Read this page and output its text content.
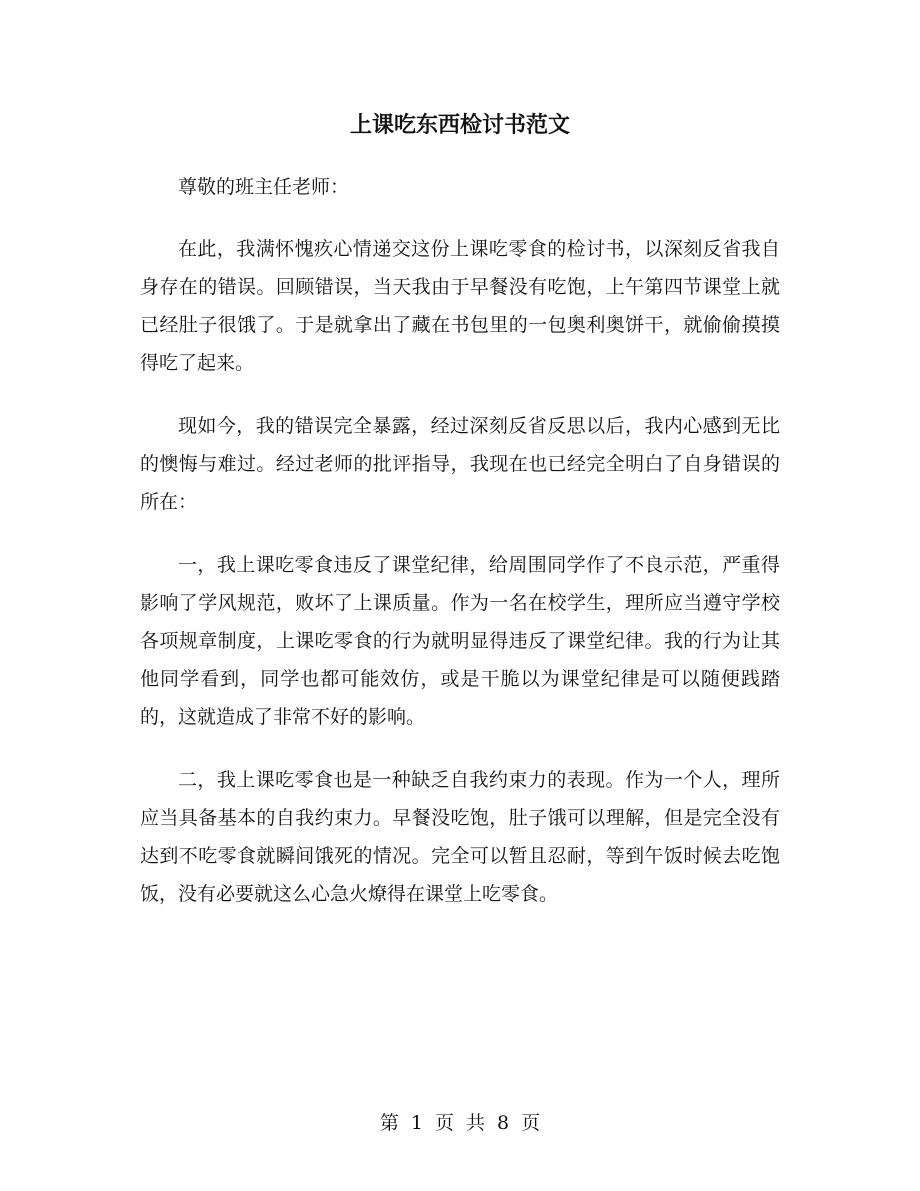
上课吃东西检讨书范文

尊敬的班主任老师：

在此，我满怀愧疚心情递交这份上课吃零食的检讨书，以深刻反省我自身存在的错误。回顾错误，当天我由于早餐没有吃饱，上午第四节课堂上就已经肚子很饿了。于是就拿出了藏在书包里的一包奥利奥饼干，就偷偷摸摸得吃了起来。

现如今，我的错误完全暴露，经过深刻反省反思以后，我内心感到无比的懊悔与难过。经过老师的批评指导，我现在也已经完全明白了自身错误的所在：

一，我上课吃零食违反了课堂纪律，给周围同学作了不良示范，严重得影响了学风规范，败坏了上课质量。作为一名在校学生，理所应当遵守学校各项规章制度，上课吃零食的行为就明显得违反了课堂纪律。我的行为让其他同学看到，同学也都可能效仿，或是干脆以为课堂纪律是可以随便践踏的，这就造成了非常不好的影响。

二，我上课吃零食也是一种缺乏自我约束力的表现。作为一个人，理所应当具备基本的自我约束力。早餐没吃饱，肚子饿可以理解，但是完全没有达到不吃零食就瞬间饿死的情况。完全可以暂且忍耐，等到午饭时候去吃饱饭，没有必要就这么心急火燎得在课堂上吃零食。

第 1 页 共 8 页
